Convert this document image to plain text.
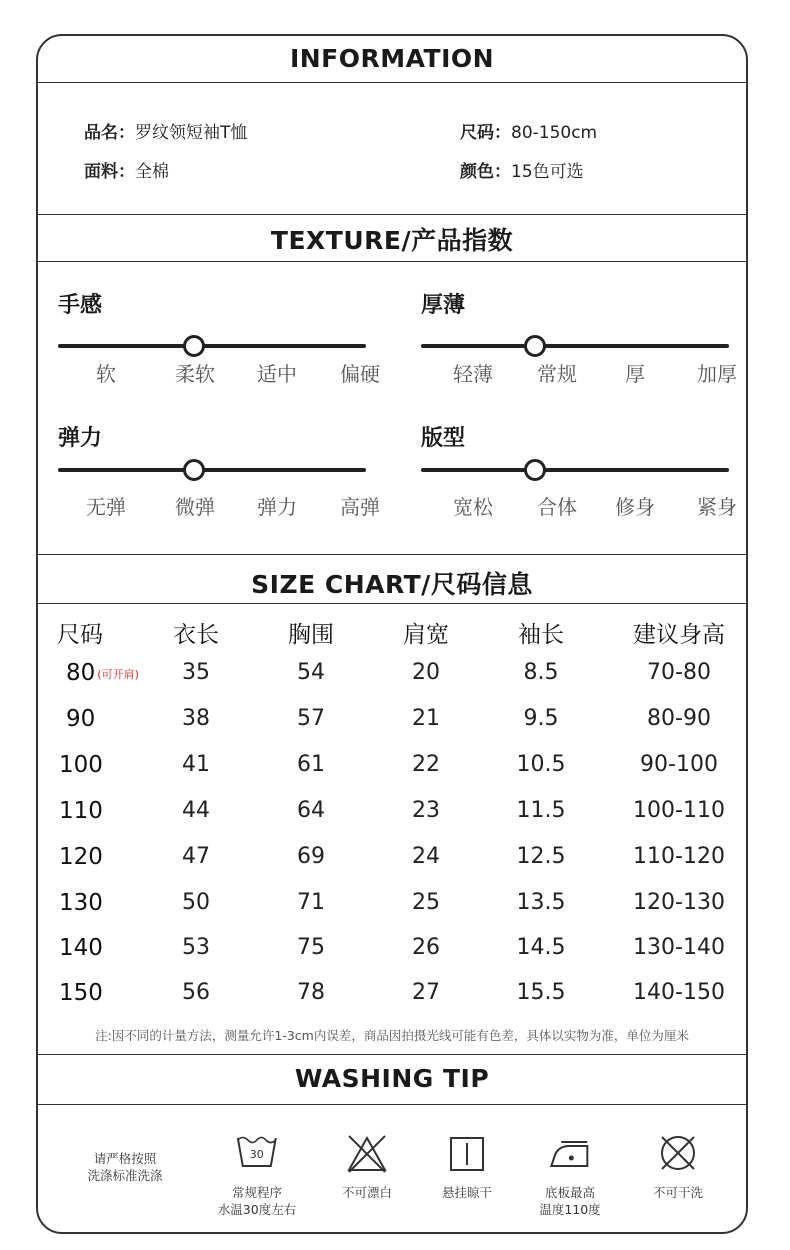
INFORMATION
品名：罗纹领短袖T恤	尺码：80-150cm
面料：全棉	颜色：15色可选
TEXTURE/产品指数
SIZE CHART/尺码信息
注:因不同的计量方法，测量允许1-3cm内误差，商品因拍摄光线可能有色差，具体以实物为准，单位为厘米
WASHING TIP
请严格按照
洗涤标准洗涤
30
常规程序
水温30度左右
不可漂白	悬挂晾干	底板最高
温度110度
不可干洗
手感
软	柔软 适中 偏硬
厚薄
轻薄 常规 厚	加厚
弹力
无弹 微弹 弹力 高弹
版型
宽松 合体 修身 紧身
尺码	衣长	胸围	肩宽	袖长	建议身高
80 (可开肩) 35	54	20	8.5	70-80
90	38	57	21	9.5	80-90
100	41	61	22	10.5	90-100
110	44	64	23	11.5	100-110
120	47	69	24	12.5	110-120
130	50	71	25	13.5	120-130
140	53	75	26	14.5	130-140
150	56	78	27	15.5	140-150
